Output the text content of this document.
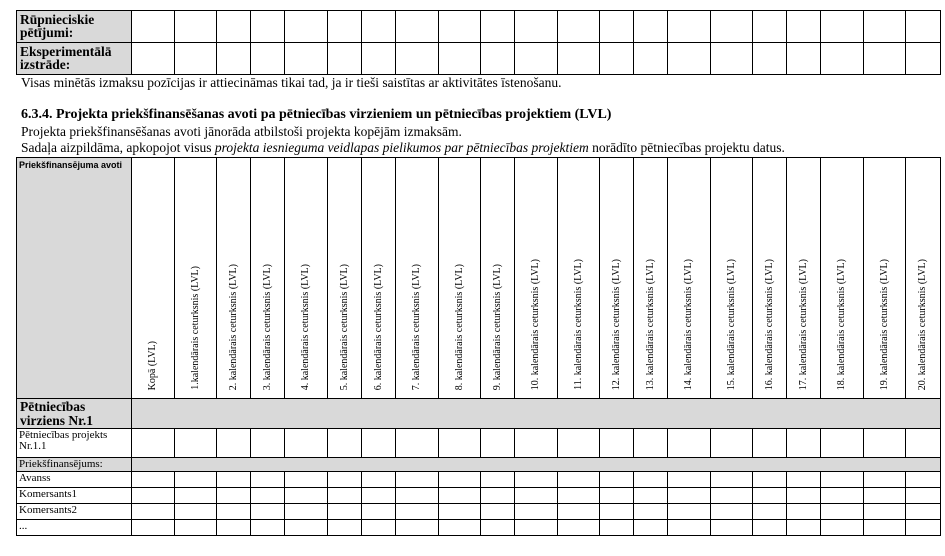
Rūpnieciskie pētījumi:																					
Eksperimentālā izstrāde:																					
Visas minētās izmaksu pozīcijas ir attiecināmas tikai tad, ja ir tieši saistītas ar aktivitātes īstenošanu.
6.3.4. Projekta priekšfinansēšanas avoti pa pētniecības virzieniem un pētniecības projektiem (LVL)
Projekta priekšfinansēšanas avoti jānorāda atbilstoši projekta kopējām izmaksām.
Sadaļa aizpildāma, apkopojot visus projekta iesnieguma veidlapas pielikumos par pētniecības projektiem norādīto pētniecības projektu datus.
Priekšfinansējuma avoti	Kopā (LVL)	1.kalendārais ceturksnis (LVL)	2. kalendārais ceturksnis (LVL)	3. kalendārais ceturksnis (LVL)	4. kalendārais ceturksnis (LVL)	5. kalendārais ceturksnis (LVL)	6. kalendārais ceturksnis (LVL)	7. kalendārais ceturksnis (LVL)	8. kalendārais ceturksnis (LVL)	9. kalendārais ceturksnis (LVL)	10. kalendārais ceturksnis (LVL)	11. kalendārais ceturksnis (LVL)	12. kalendārais ceturksnis (LVL)	13. kalendārais ceturksnis (LVL)	14. kalendārais ceturksnis (LVL)	15. kalendārais ceturksnis (LVL)	16. kalendārais ceturksnis (LVL)	17. kalendārais ceturksnis (LVL)	18. kalendārais ceturksnis (LVL)	19. kalendārais ceturksnis (LVL)	20. kalendārais ceturksnis (LVL)

Pētniecības virziens Nr.1																					
Pētniecības projekts Nr.1.1																					
Priekšfinansējums:																					
Avanss																					
Komersants1																					
Komersants2																					
...																					
